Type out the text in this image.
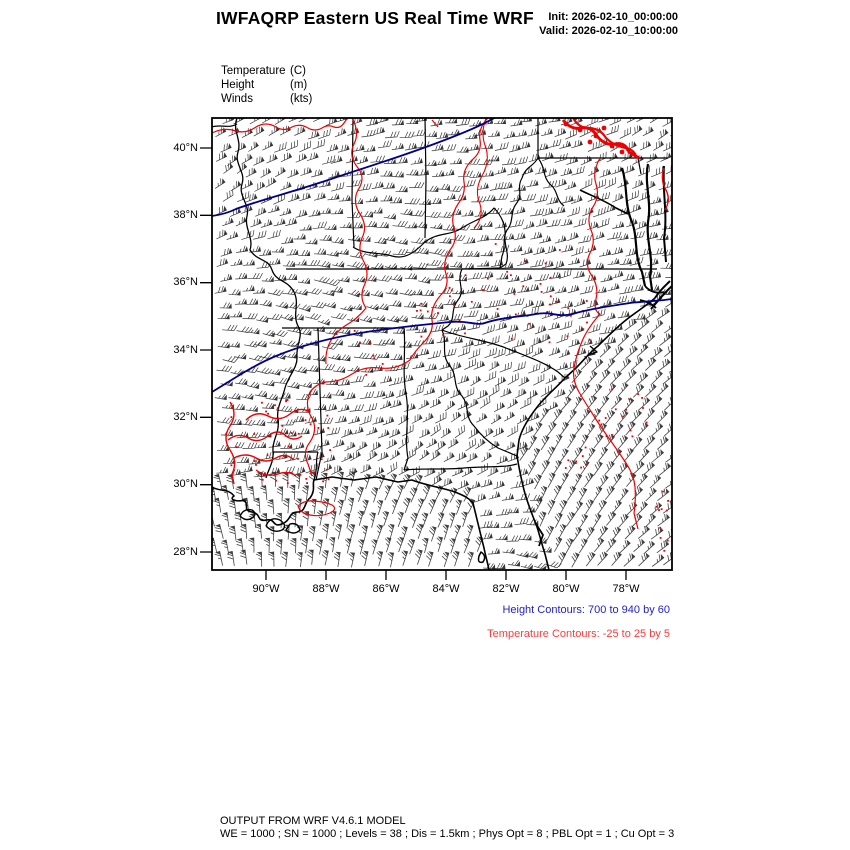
IWFAQRP Eastern US Real Time WRF	Init: 2026-02-10_00:00:00
Valid: 2026-02-10_10:00:00
Temperature (C)
Height	(m)
Winds	(kts)
40°N
38°N
36°N
34°N
32°N
30°N
28°N
90°W	88°W	86°W	84°W	82°W	80°W	78°W
Height Contours: 700 to 940 by 60
Temperature Contours: -25 to 25 by 5
OUTPUT FROM WRF V4.6.1 MODEL
WE = 1000 ; SN = 1000 ; Levels = 38 ; Dis = 1.5km ; Phys Opt = 8 ; PBL Opt = 1 ; Cu Opt = 3
